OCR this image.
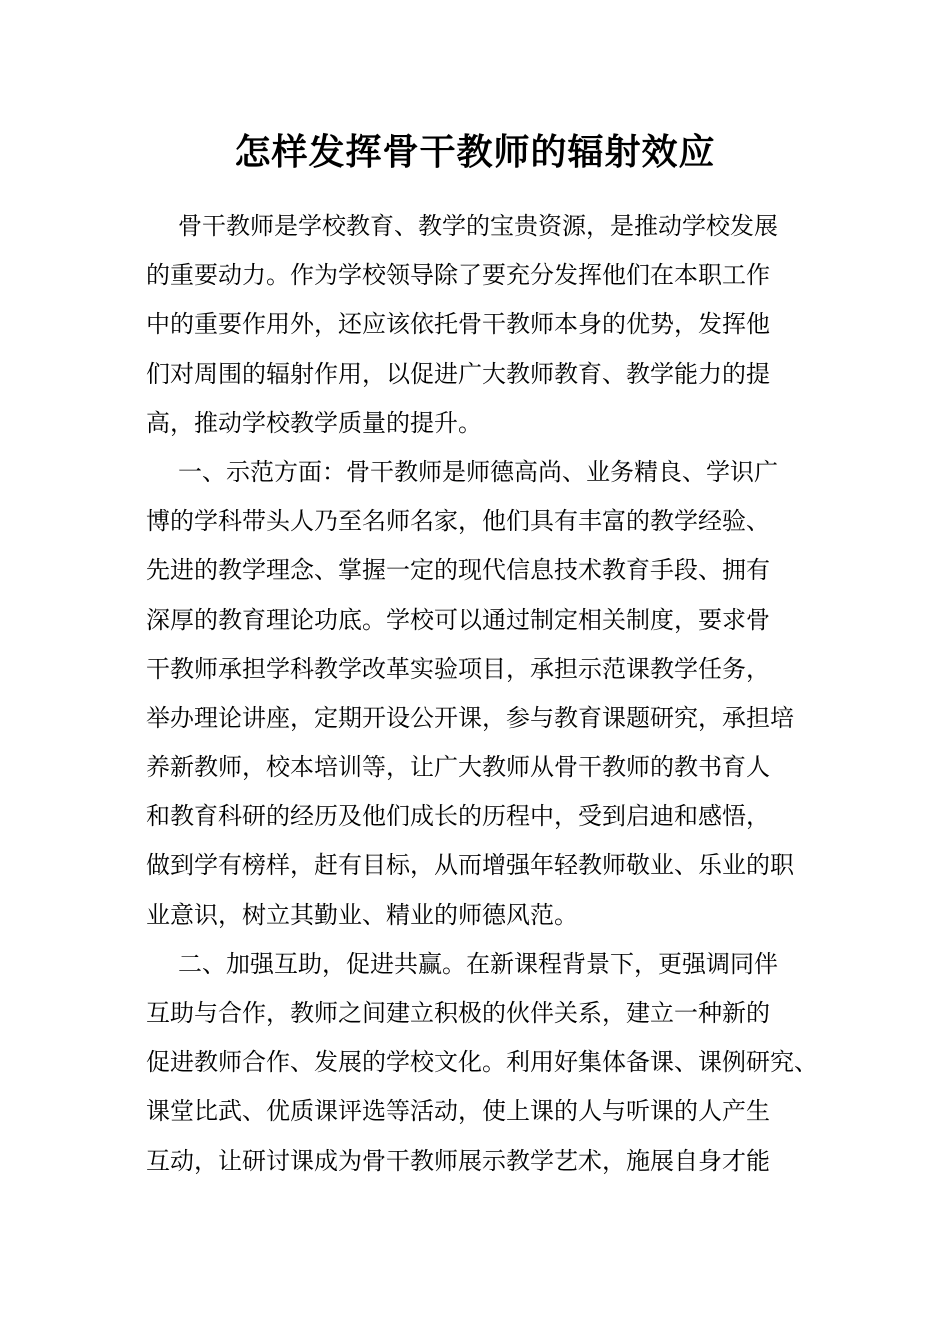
怎样发挥骨干教师的辐射效应
骨干教师是学校教育、教学的宝贵资源，是推动学校发展
的重要动力。作为学校领导除了要充分发挥他们在本职工作
中的重要作用外，还应该依托骨干教师本身的优势，发挥他
们对周围的辐射作用，以促进广大教师教育、教学能力的提
高，推动学校教学质量的提升。
一、示范方面：骨干教师是师德高尚、业务精良、学识广
博的学科带头人乃至名师名家，他们具有丰富的教学经验、
先进的教学理念、掌握一定的现代信息技术教育手段、拥有
深厚的教育理论功底。学校可以通过制定相关制度，要求骨
干教师承担学科教学改革实验项目，承担示范课教学任务，
举办理论讲座，定期开设公开课，参与教育课题研究，承担培
养新教师，校本培训等，让广大教师从骨干教师的教书育人
和教育科研的经历及他们成长的历程中，受到启迪和感悟，
做到学有榜样，赶有目标，从而增强年轻教师敬业、乐业的职
业意识，树立其勤业、精业的师德风范。
二、加强互助，促进共赢。在新课程背景下，更强调同伴
互助与合作，教师之间建立积极的伙伴关系，建立一种新的
促进教师合作、发展的学校文化。利用好集体备课、课例研究、
课堂比武、优质课评选等活动，使上课的人与听课的人产生
互动，让研讨课成为骨干教师展示教学艺术，施展自身才能
